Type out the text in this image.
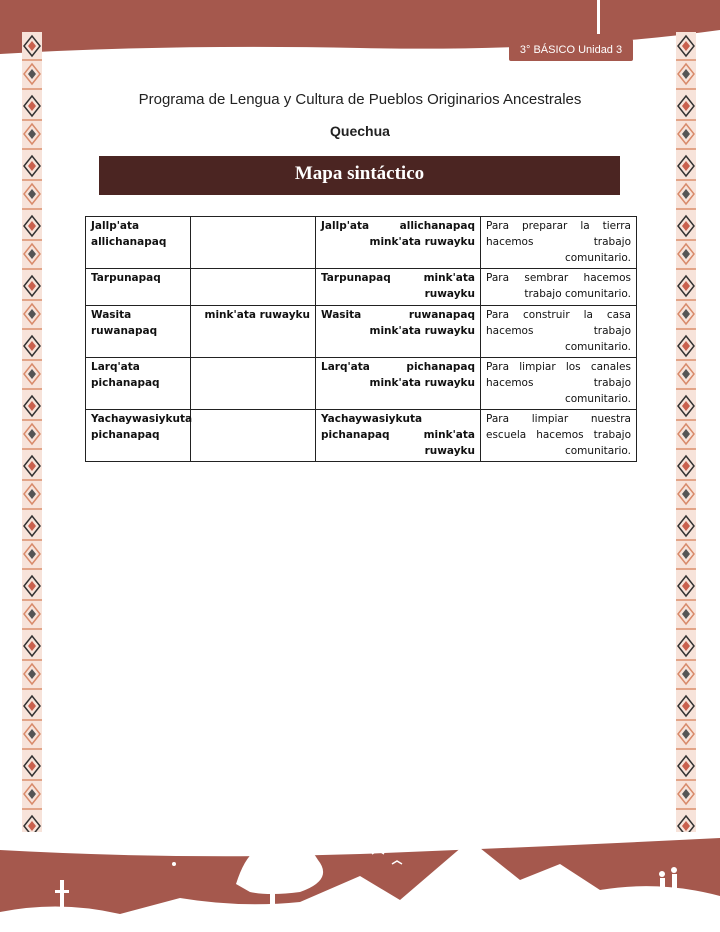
3° BÁSICO Unidad 3
Programa de Lengua y Cultura de Pueblos Originarios Ancestrales
Quechua
Mapa sintáctico
Jallp'ata allichanapaq		Jallp'ata allichanapaq mink'ata ruwayku	Para preparar la tierra hacemos trabajo comunitario.
Tarpunapaq		Tarpunapaq mink'ata ruwayku	Para sembrar hacemos trabajo comunitario.
Wasita ruwanapaq	mink'ata ruwayku	Wasita ruwanapaq mink'ata ruwayku	Para construir la casa hacemos trabajo comunitario.
Larq'ata pichanapaq		Larq'ata pichanapaq mink'ata ruwayku	Para limpiar los canales hacemos trabajo comunitario.
Yachaywasiykuta pichanapaq		Yachaywasiykuta pichanapaq mink'ata ruwayku	Para limpiar nuestra escuela hacemos trabajo comunitario.
